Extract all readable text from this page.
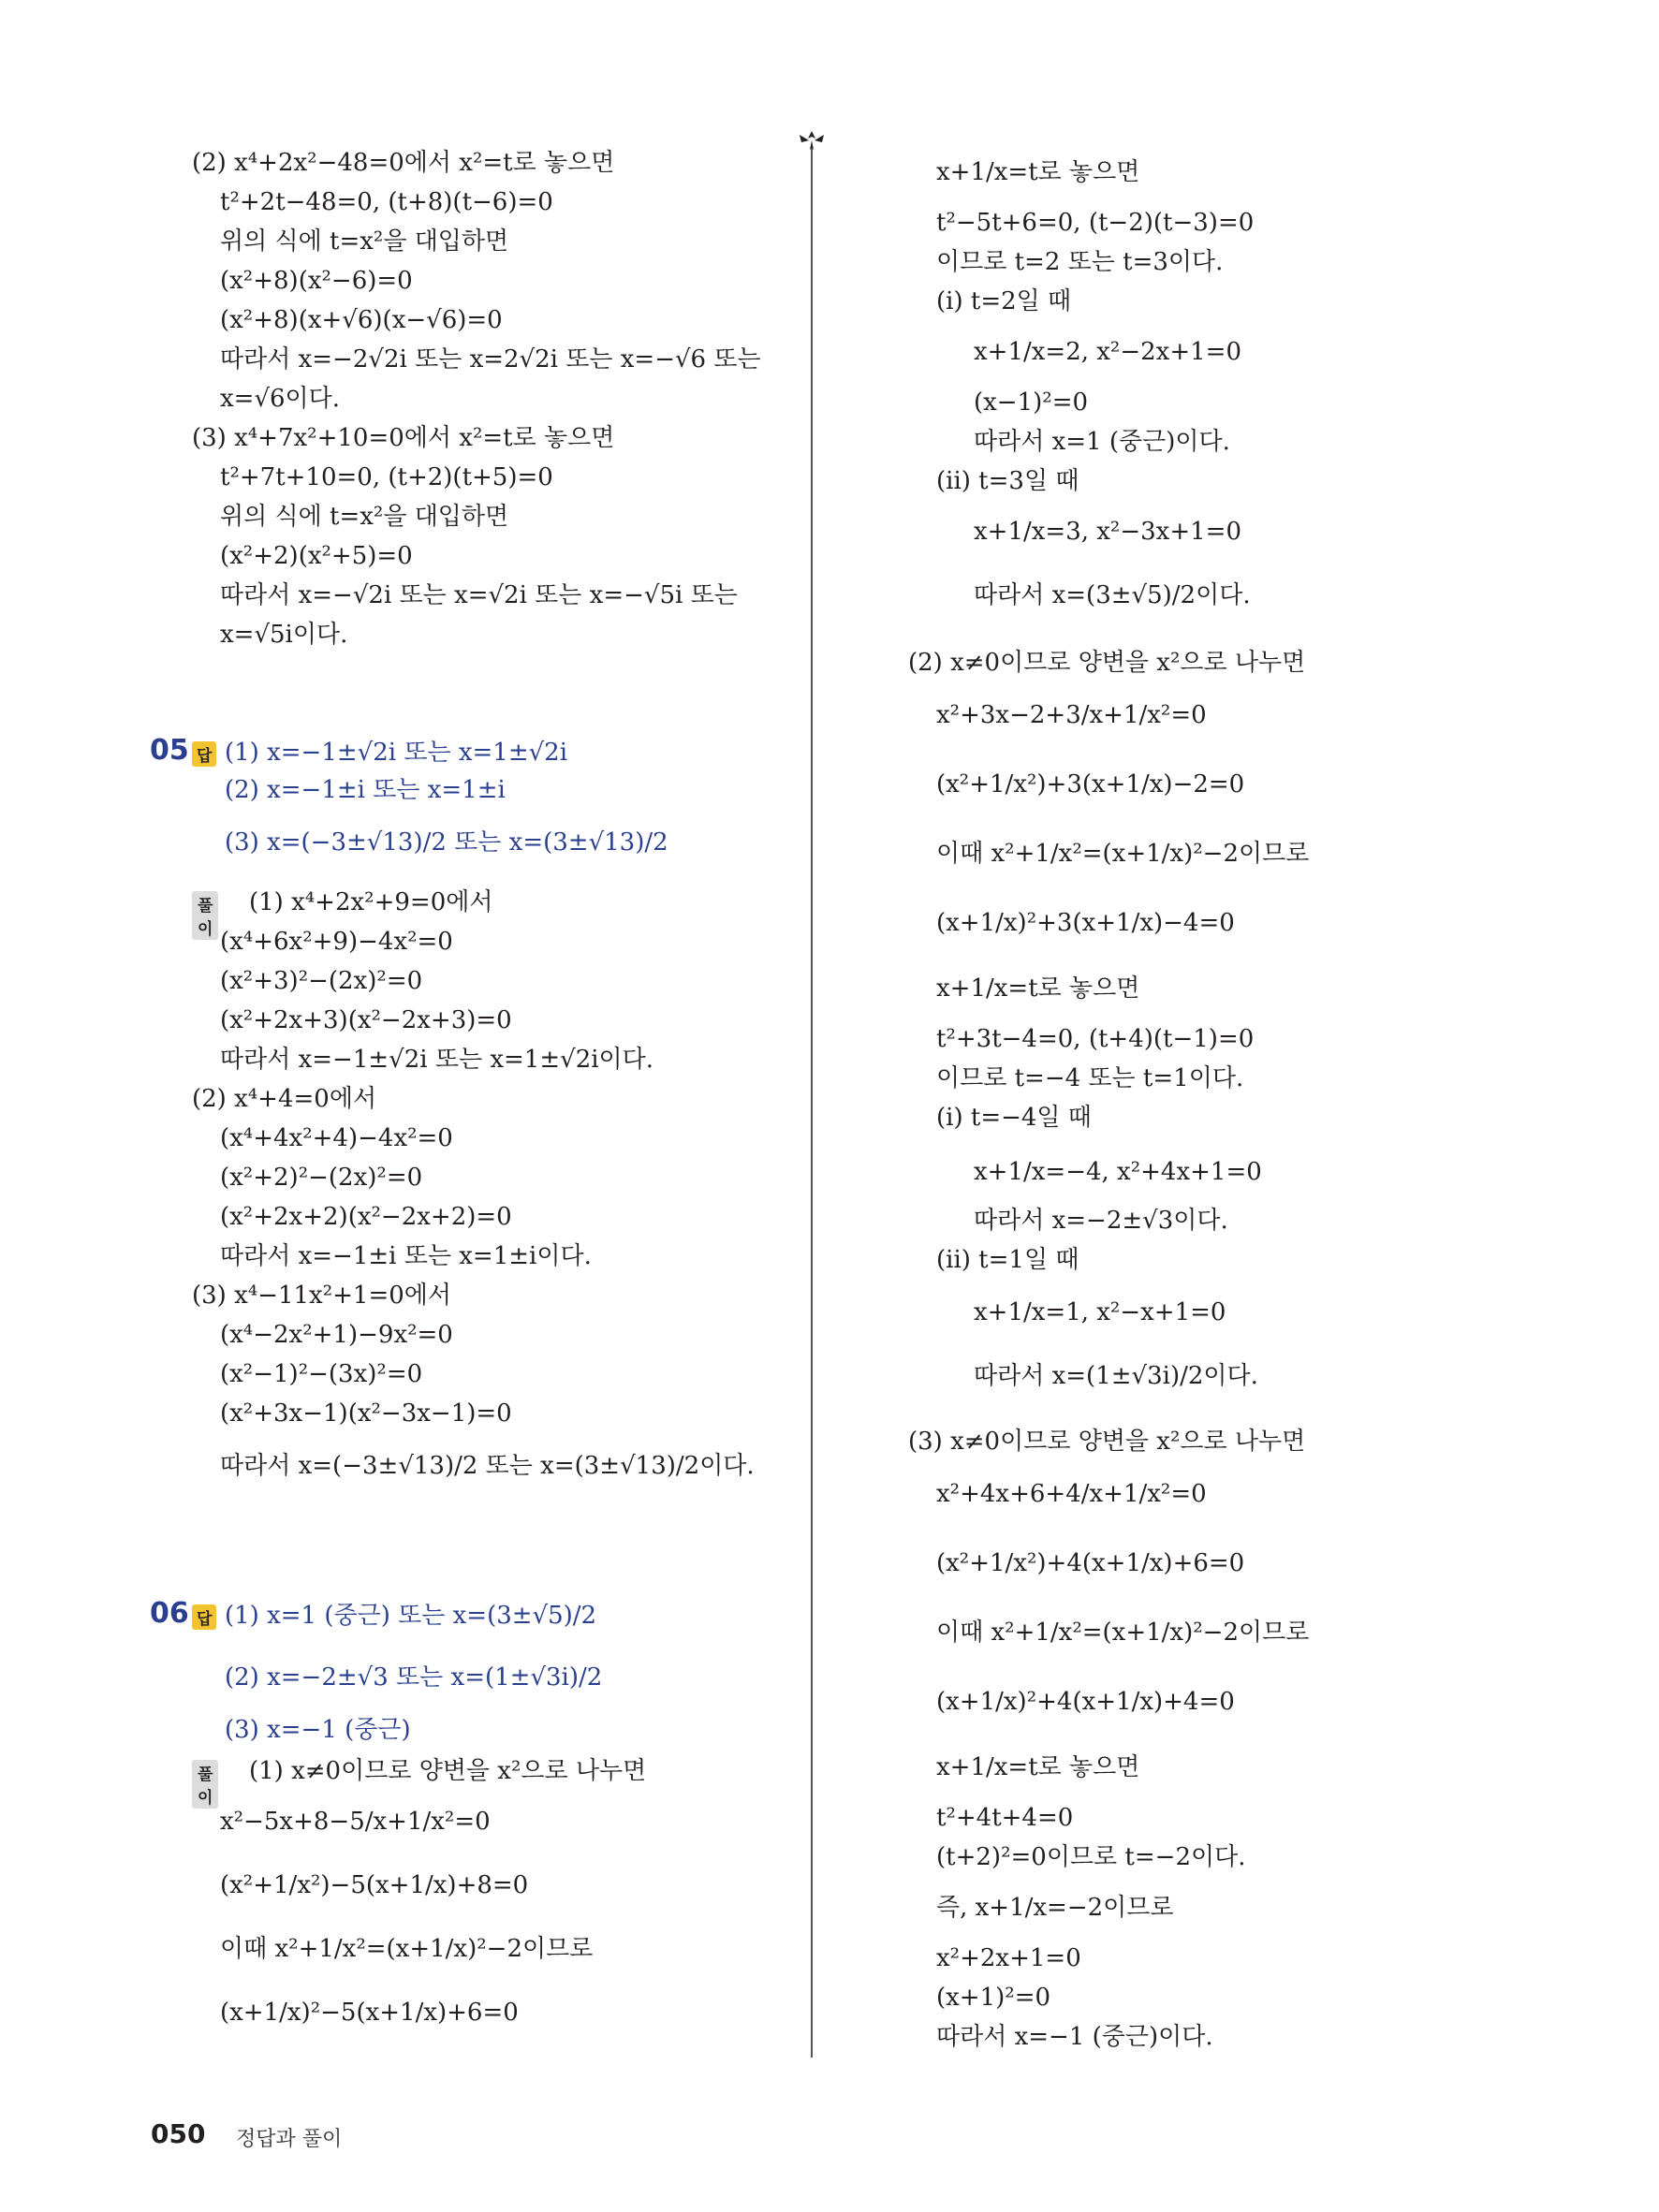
(2) x⁴+2x²−48=0에서 x²=t로 놓으면
t²+2t−48=0, (t+8)(t−6)=0
위의 식에 t=x²을 대입하면
(x²+8)(x²−6)=0
(x²+8)(x+√6)(x−√6)=0
따라서 x=−2√2i 또는 x=2√2i 또는 x=−√6 또는
x=√6이다.
(3) x⁴+7x²+10=0에서 x²=t로 놓으면
t²+7t+10=0, (t+2)(t+5)=0
위의 식에 t=x²을 대입하면
(x²+2)(x²+5)=0
따라서 x=−√2i 또는 x=√2i 또는 x=−√5i 또는
x=√5i이다.
(1) x=−1±√2i 또는 x=1±√2i
(2) x=−1±i 또는 x=1±i
(3) x=(−3±√13)/2 또는 x=(3±√13)/2
(1) x⁴+2x²+9=0에서
(x⁴+6x²+9)−4x²=0
(x²+3)²−(2x)²=0
(x²+2x+3)(x²−2x+3)=0
따라서 x=−1±√2i 또는 x=1±√2i이다.
(2) x⁴+4=0에서
(x⁴+4x²+4)−4x²=0
(x²+2)²−(2x)²=0
(x²+2x+2)(x²−2x+2)=0
따라서 x=−1±i 또는 x=1±i이다.
(3) x⁴−11x²+1=0에서
(x⁴−2x²+1)−9x²=0
(x²−1)²−(3x)²=0
(x²+3x−1)(x²−3x−1)=0
따라서 x=(−3±√13)/2 또는 x=(3±√13)/2이다.
(1) x=1 (중근) 또는 x=(3±√5)/2
(2) x=−2±√3 또는 x=(1±√3i)/2
(3) x=−1 (중근)
(1) x≠0이므로 양변을 x²으로 나누면
x²−5x+8−5/x+1/x²=0
(x²+1/x²)−5(x+1/x)+8=0
이때 x²+1/x²=(x+1/x)²−2이므로
(x+1/x)²−5(x+1/x)+6=0
x+1/x=t로 놓으면
t²−5t+6=0, (t−2)(t−3)=0
이므로 t=2 또는 t=3이다.
(i) t=2일 때
x+1/x=2, x²−2x+1=0
(x−1)²=0
따라서 x=1 (중근)이다.
(ii) t=3일 때
x+1/x=3, x²−3x+1=0
따라서 x=(3±√5)/2이다.
(2) x≠0이므로 양변을 x²으로 나누면
x²+3x−2+3/x+1/x²=0
(x²+1/x²)+3(x+1/x)−2=0
이때 x²+1/x²=(x+1/x)²−2이므로
(x+1/x)²+3(x+1/x)−4=0
x+1/x=t로 놓으면
t²+3t−4=0, (t+4)(t−1)=0
이므로 t=−4 또는 t=1이다.
(i) t=−4일 때
x+1/x=−4, x²+4x+1=0
따라서 x=−2±√3이다.
(ii) t=1일 때
x+1/x=1, x²−x+1=0
따라서 x=(1±√3i)/2이다.
(3) x≠0이므로 양변을 x²으로 나누면
x²+4x+6+4/x+1/x²=0
(x²+1/x²)+4(x+1/x)+6=0
이때 x²+1/x²=(x+1/x)²−2이므로
(x+1/x)²+4(x+1/x)+4=0
x+1/x=t로 놓으면
t²+4t+4=0
(t+2)²=0이므로 t=−2이다.
즉, x+1/x=−2이므로
x²+2x+1=0
(x+1)²=0
따라서 x=−1 (중근)이다.
05 답
풀이
06 답
풀이
050 정답과 풀이
